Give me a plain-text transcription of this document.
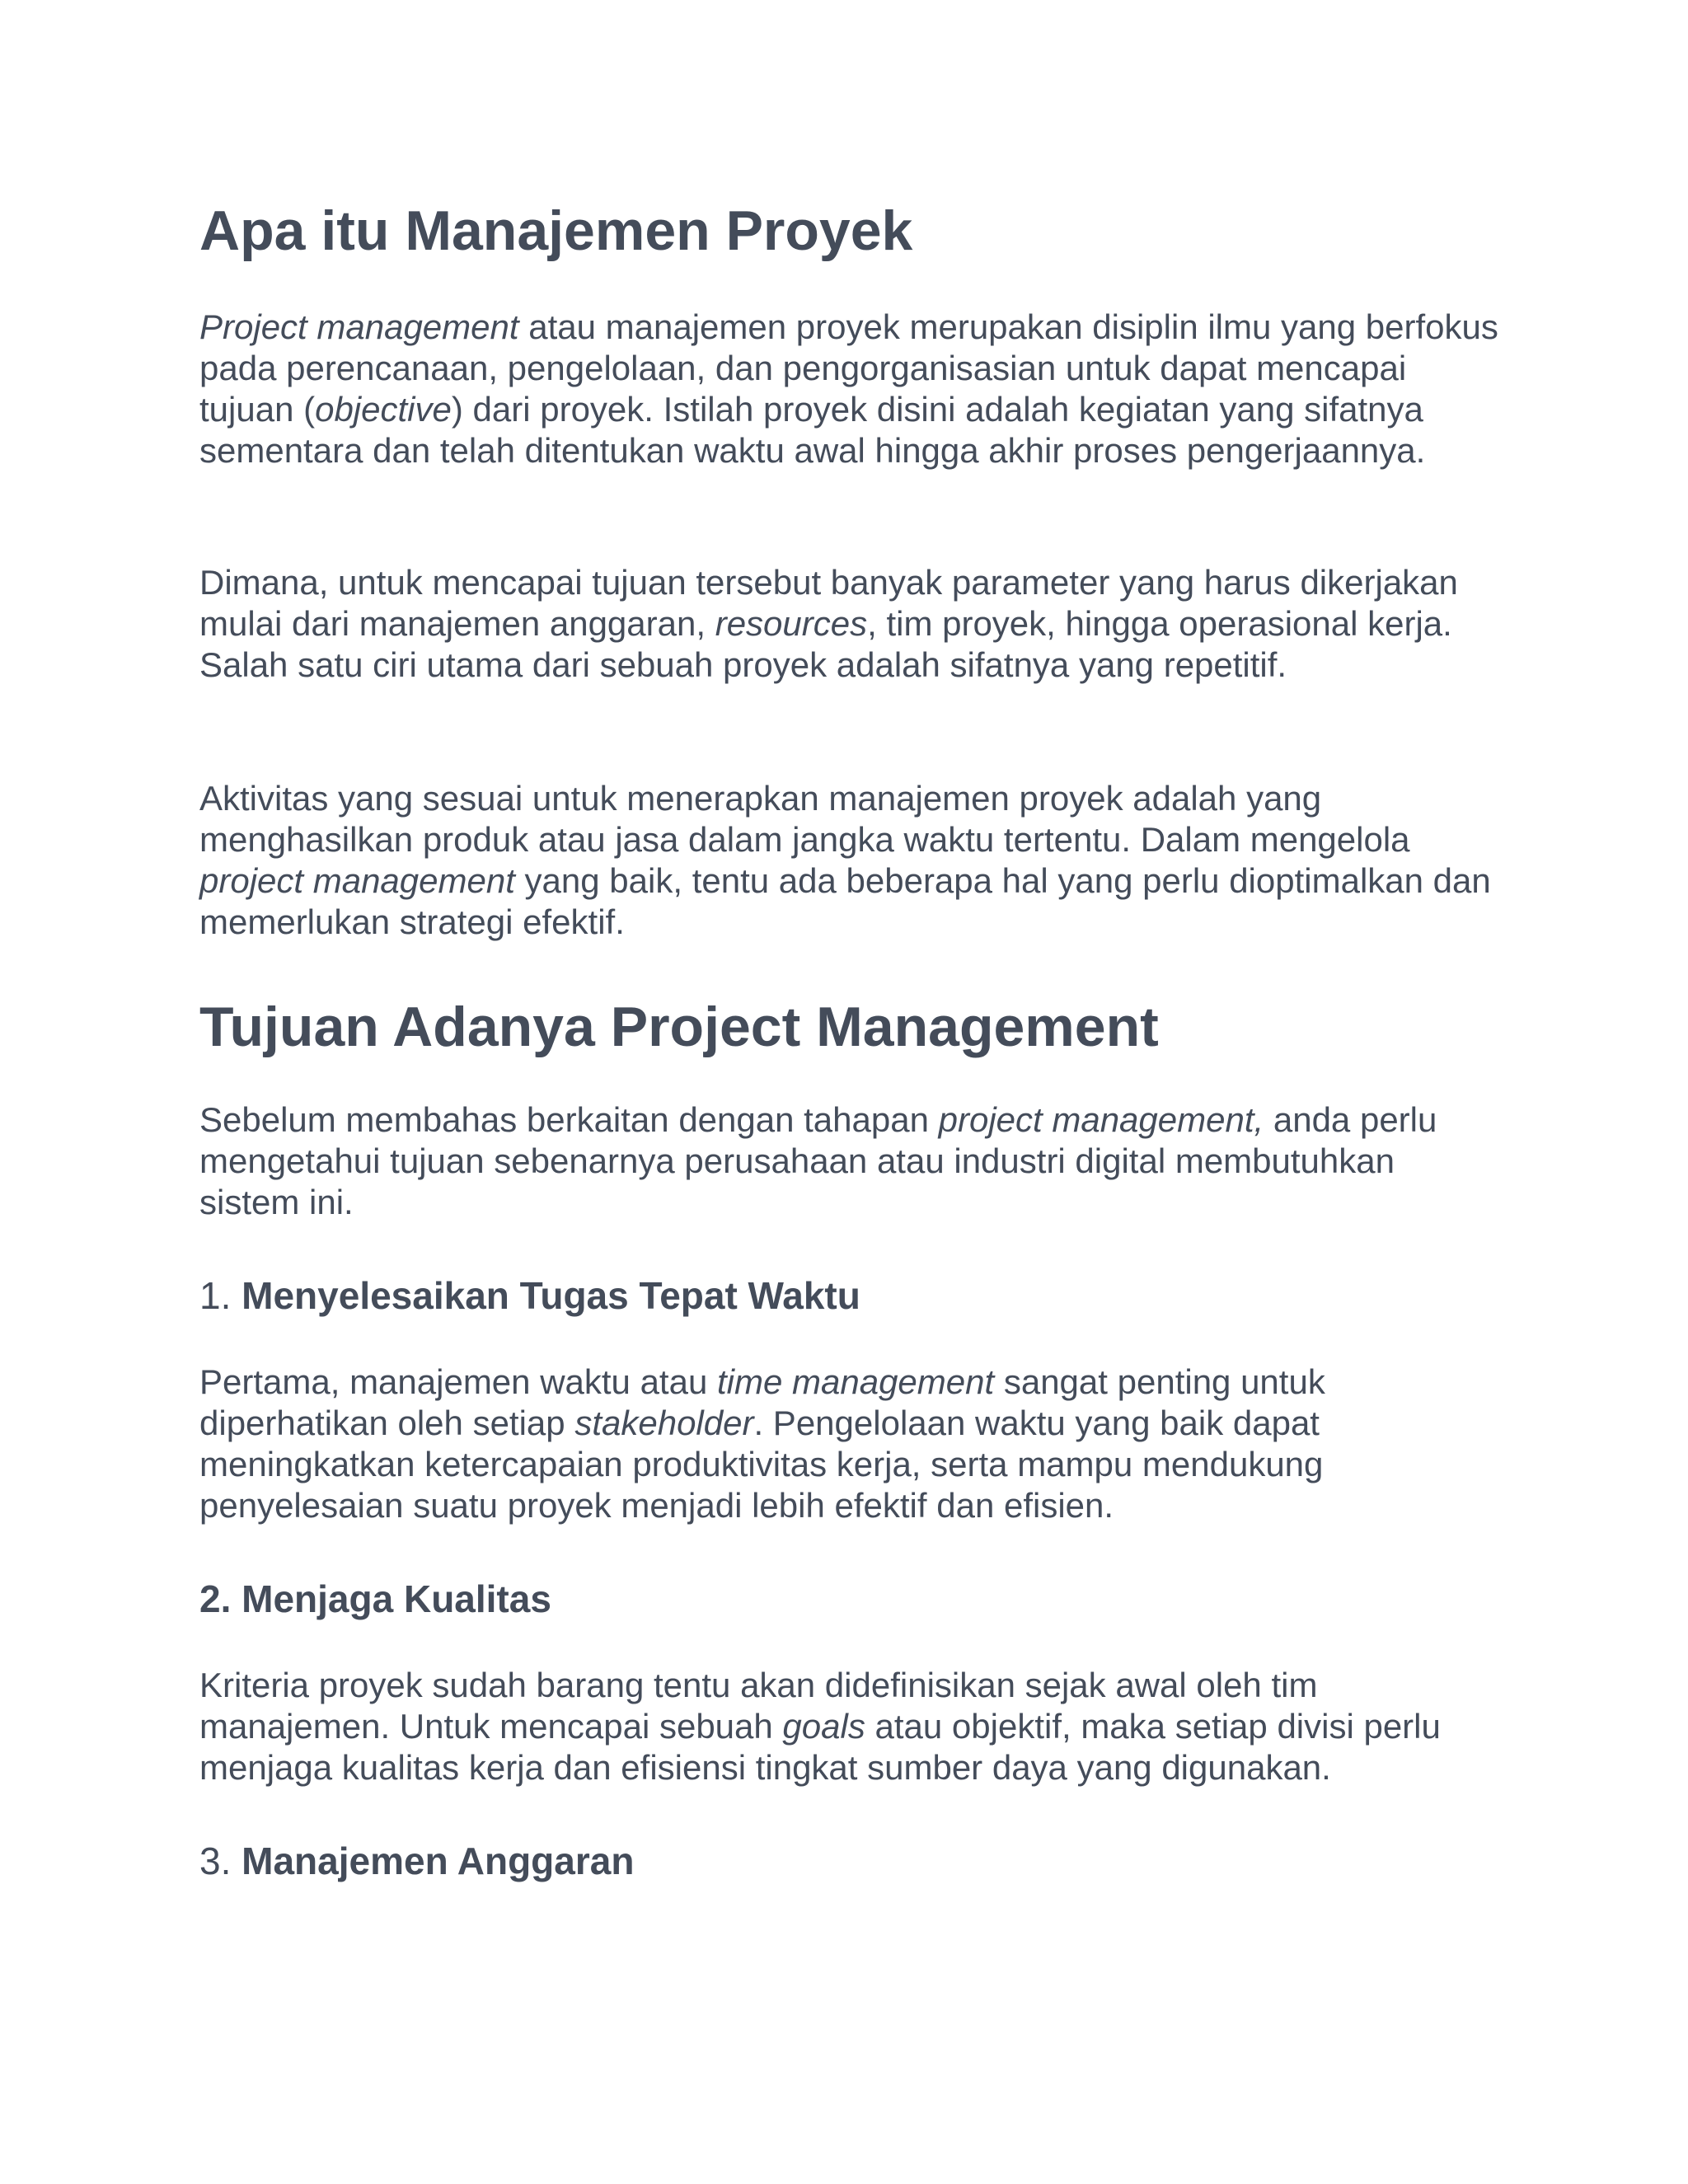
Apa itu Manajemen Proyek

Project management atau manajemen proyek merupakan disiplin ilmu yang berfokus pada perencanaan, pengelolaan, dan pengorganisasian untuk dapat mencapai tujuan (objective) dari proyek. Istilah proyek disini adalah kegiatan yang sifatnya sementara dan telah ditentukan waktu awal hingga akhir proses pengerjaannya.

Dimana, untuk mencapai tujuan tersebut banyak parameter yang harus dikerjakan mulai dari manajemen anggaran, resources, tim proyek, hingga operasional kerja. Salah satu ciri utama dari sebuah proyek adalah sifatnya yang repetitif.

Aktivitas yang sesuai untuk menerapkan manajemen proyek adalah yang menghasilkan produk atau jasa dalam jangka waktu tertentu. Dalam mengelola project management yang baik, tentu ada beberapa hal yang perlu dioptimalkan dan memerlukan strategi efektif.

Tujuan Adanya Project Management

Sebelum membahas berkaitan dengan tahapan project management, anda perlu mengetahui tujuan sebenarnya perusahaan atau industri digital membutuhkan sistem ini.

1. Menyelesaikan Tugas Tepat Waktu

Pertama, manajemen waktu atau time management sangat penting untuk diperhatikan oleh setiap stakeholder. Pengelolaan waktu yang baik dapat meningkatkan ketercapaian produktivitas kerja, serta mampu mendukung penyelesaian suatu proyek menjadi lebih efektif dan efisien.

2. Menjaga Kualitas

Kriteria proyek sudah barang tentu akan didefinisikan sejak awal oleh tim manajemen. Untuk mencapai sebuah goals atau objektif, maka setiap divisi perlu menjaga kualitas kerja dan efisiensi tingkat sumber daya yang digunakan.

3. Manajemen Anggaran
